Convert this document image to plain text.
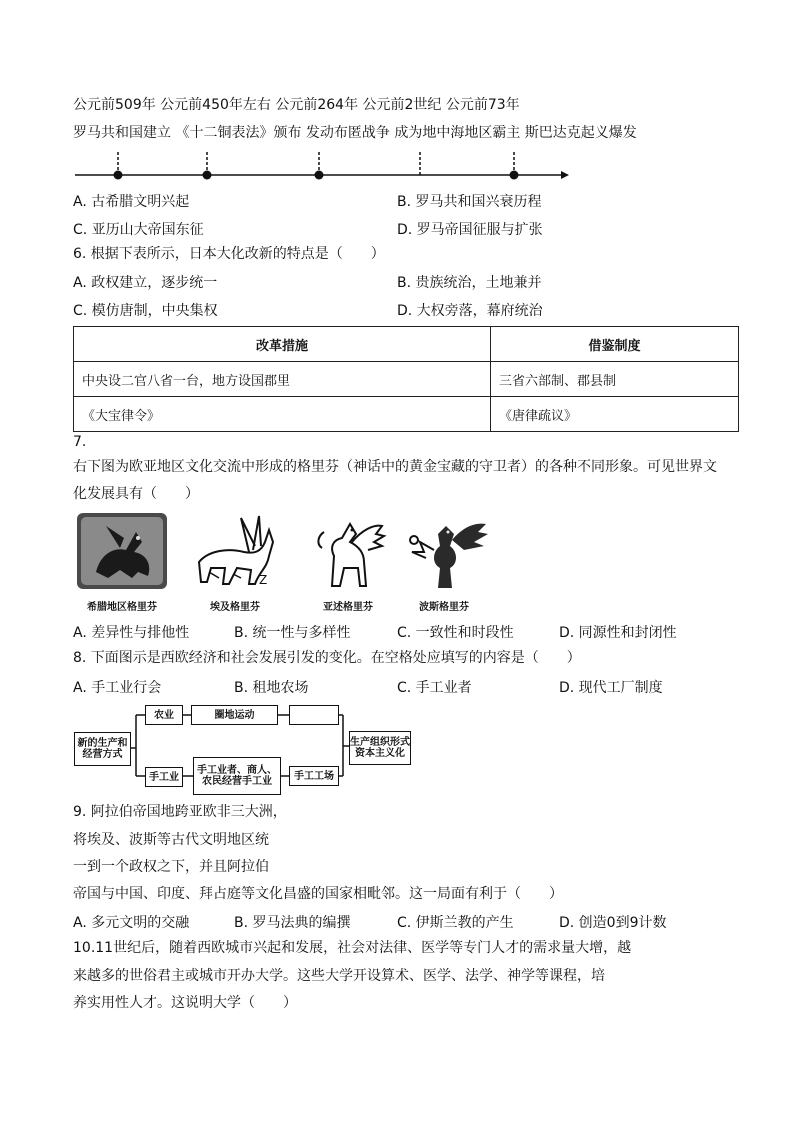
公元前509年 公元前450年左右 公元前264年 公元前2世纪 公元前73年
罗马共和国建立 《十二铜表法》颁布 发动布匿战争 成为地中海地区霸主 斯巴达克起义爆发
A. 古希腊文明兴起	B. 罗马共和国兴衰历程
C. 亚历山大帝国东征	D. 罗马帝国征服与扩张
6. 根据下表所示，日本大化改新的特点是（　　）
A. 政权建立，逐步统一	B. 贵族统治，土地兼并
C. 模仿唐制，中央集权	D. 大权旁落，幕府统治
改革措施	借鉴制度
中央设二官八省一台，地方设国郡里	三省六部制、郡县制
《大宝律令》	《唐律疏议》
7.
右下图为欧亚地区文化交流中形成的格里芬（神话中的黄金宝藏的守卫者）的各种不同形象。可见世界文
化发展具有（　　）
Z
希腊地区格里芬	埃及格里芬	亚述格里芬	波斯格里芬
A. 差异性与排他性	B. 统一性与多样性	C. 一致性和时段性	D. 同源性和封闭性
8. 下面图示是西欧经济和社会发展引发的变化。在空格处应填写的内容是（　　）
A. 手工业行会	B. 租地农场	C. 手工业者	D. 现代工厂制度
新的生产和经营方式
农业	圈地运动
手工业
手工业者、商人、农民经营手工业	手工工场
生产组织形式资本主义化
9. 阿拉伯帝国地跨亚欧非三大洲，
将埃及、波斯等古代文明地区统
一到一个政权之下，并且阿拉伯
帝国与中国、印度、拜占庭等文化昌盛的国家相毗邻。这一局面有利于（　　）
A. 多元文明的交融	B. 罗马法典的编撰	C. 伊斯兰教的产生	D. 创造0到9计数
10.11世纪后，随着西欧城市兴起和发展，社会对法律、医学等专门人才的需求量大增，越
来越多的世俗君主或城市开办大学。这些大学开设算术、医学、法学、神学等课程，培
养实用性人才。这说明大学（　　）
